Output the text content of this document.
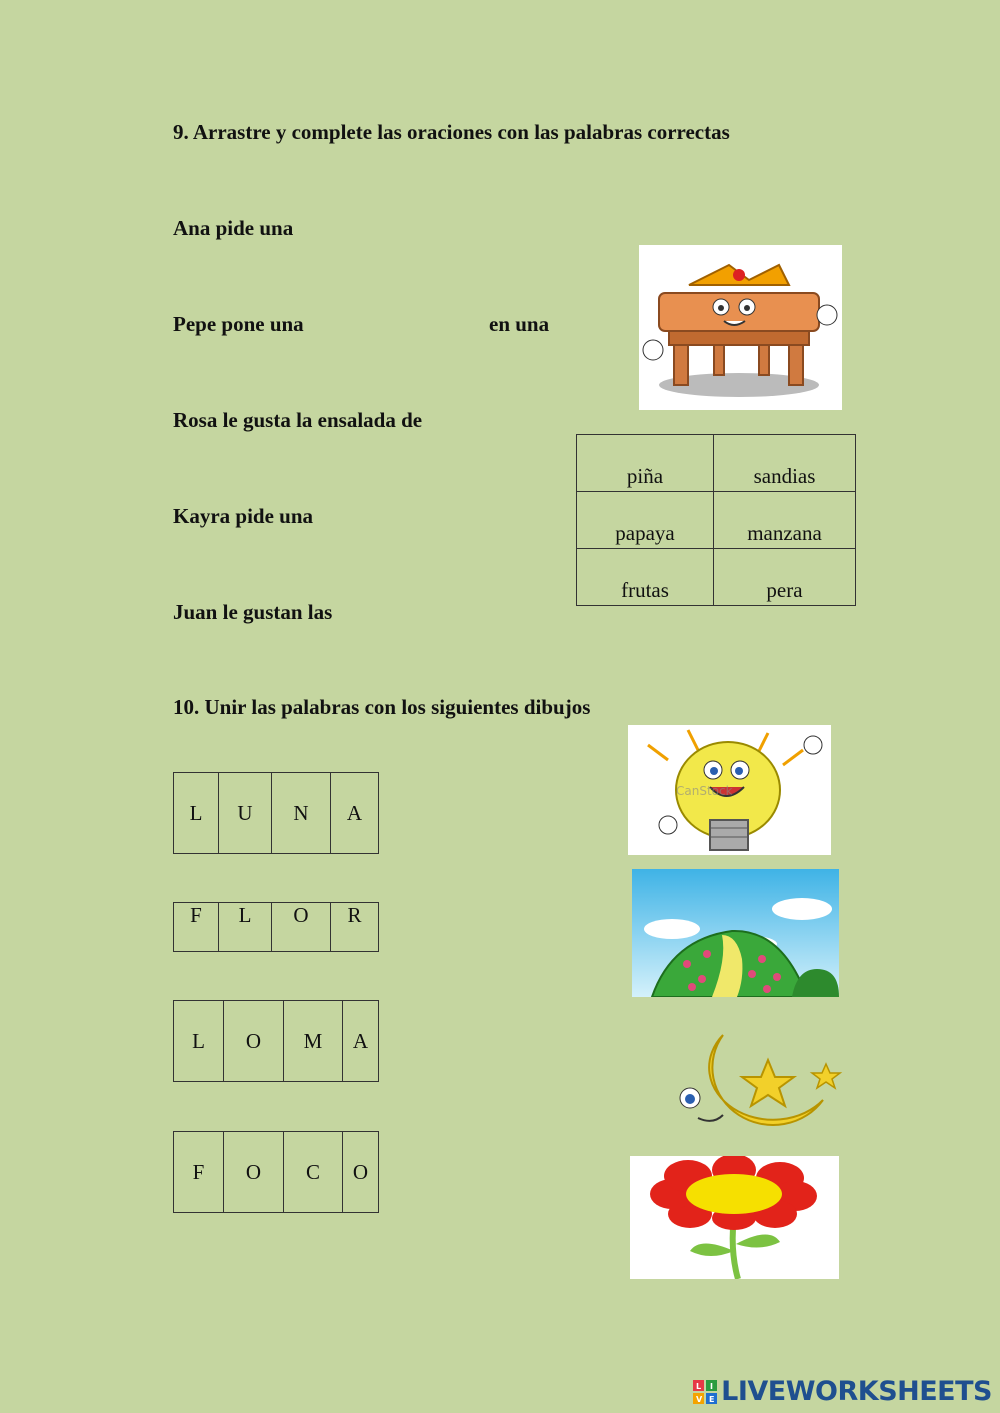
9. Arrastre y complete las oraciones con las palabras correctas
Ana pide una
Pepe pone una	en una
Rosa le gusta la ensalada de
Kayra pide una
Juan le gustan las
piña	sandias
papaya	manzana
frutas	pera
10. Unir las palabras con los siguientes dibujos
L	U	N	A
F	L	O	R
L	O	M	A
F	O	C	O
CanStock
L I
V E LIVEWORKSHEETS
